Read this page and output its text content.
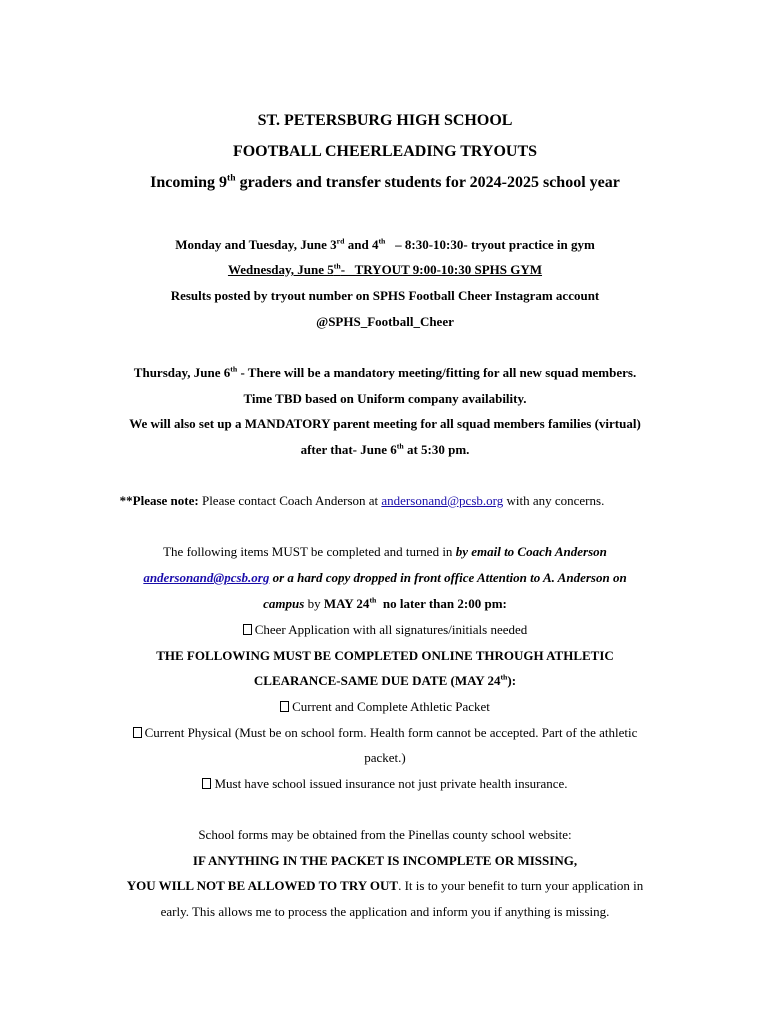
ST. PETERSBURG HIGH SCHOOL
FOOTBALL CHEERLEADING TRYOUTS
Incoming 9th graders and transfer students for 2024-2025 school year
Monday and Tuesday, June 3rd and 4th   – 8:30-10:30- tryout practice in gym
Wednesday, June 5th-   TRYOUT 9:00-10:30 SPHS GYM
Results posted by tryout number on SPHS Football Cheer Instagram account
@SPHS_Football_Cheer
Thursday, June 6th - There will be a mandatory meeting/fitting for all new squad members.
Time TBD based on Uniform company availability.
We will also set up a MANDATORY parent meeting for all squad members families (virtual)
after that- June 6th at 5:30 pm.
**Please note: Please contact Coach Anderson at andersonand@pcsb.org with any concerns.
The following items MUST be completed and turned in by email to Coach Anderson
andersonand@pcsb.org or a hard copy dropped in front office Attention to A. Anderson on
campus by MAY 24th  no later than 2:00 pm:
Cheer Application with all signatures/initials needed
THE FOLLOWING MUST BE COMPLETED ONLINE THROUGH ATHLETIC
CLEARANCE-SAME DUE DATE (MAY 24th):
Current and Complete Athletic Packet
Current Physical (Must be on school form. Health form cannot be accepted. Part of the athletic
packet.)
Must have school issued insurance not just private health insurance.
School forms may be obtained from the Pinellas county school website:
IF ANYTHING IN THE PACKET IS INCOMPLETE OR MISSING,
YOU WILL NOT BE ALLOWED TO TRY OUT. It is to your benefit to turn your application in
early. This allows me to process the application and inform you if anything is missing.
